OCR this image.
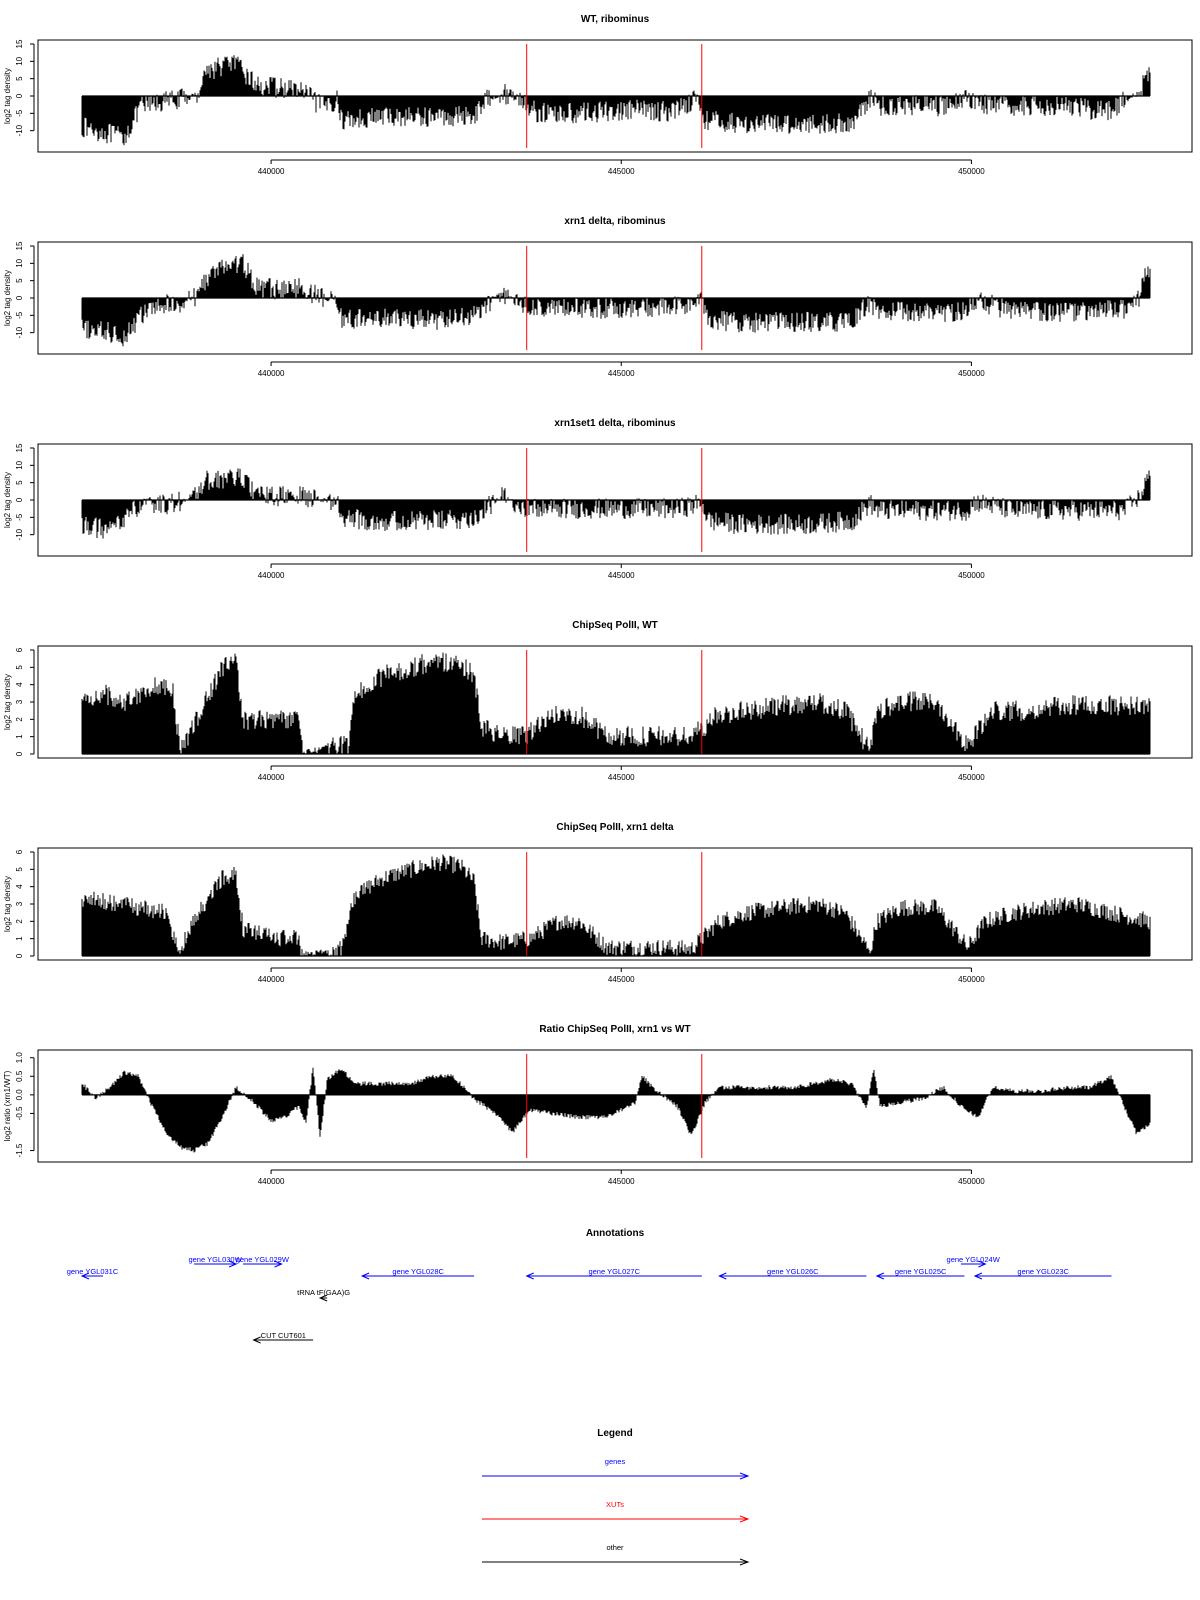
WT, ribominus
15
10
5
0
-5
-10
log2 tag density
440000	445000	450000
xrn1 delta, ribominus
15
10
5
0
-5
-10
log2 tag density
440000	445000	450000
xrn1set1 delta, ribominus
15
10
5
0
-5
-10
log2 tag density
440000	445000	450000
ChipSeq PolII, WT
6
5
4
3
2
1
0
log2 tag density
440000	445000	450000
ChipSeq PolII, xrn1 delta
6
5
4
3
2
1
0
log2 tag density
440000	445000	450000
Ratio ChipSeq PolII, xrn1 vs WT
1.0
0.5
0.0
-0.5
-1.5
log2 ratio (xrn1/WT)
440000	445000	450000
Annotations
gene YGL031C
gene YGL030W
gene YGL029W
gene YGL028C	gene YGL027C	gene YGL026C	gene YGL025C
gene YGL024W
gene YGL023C
tRNA tF(GAA)G
CUT CUT601
Legend
genes
XUTs
other
